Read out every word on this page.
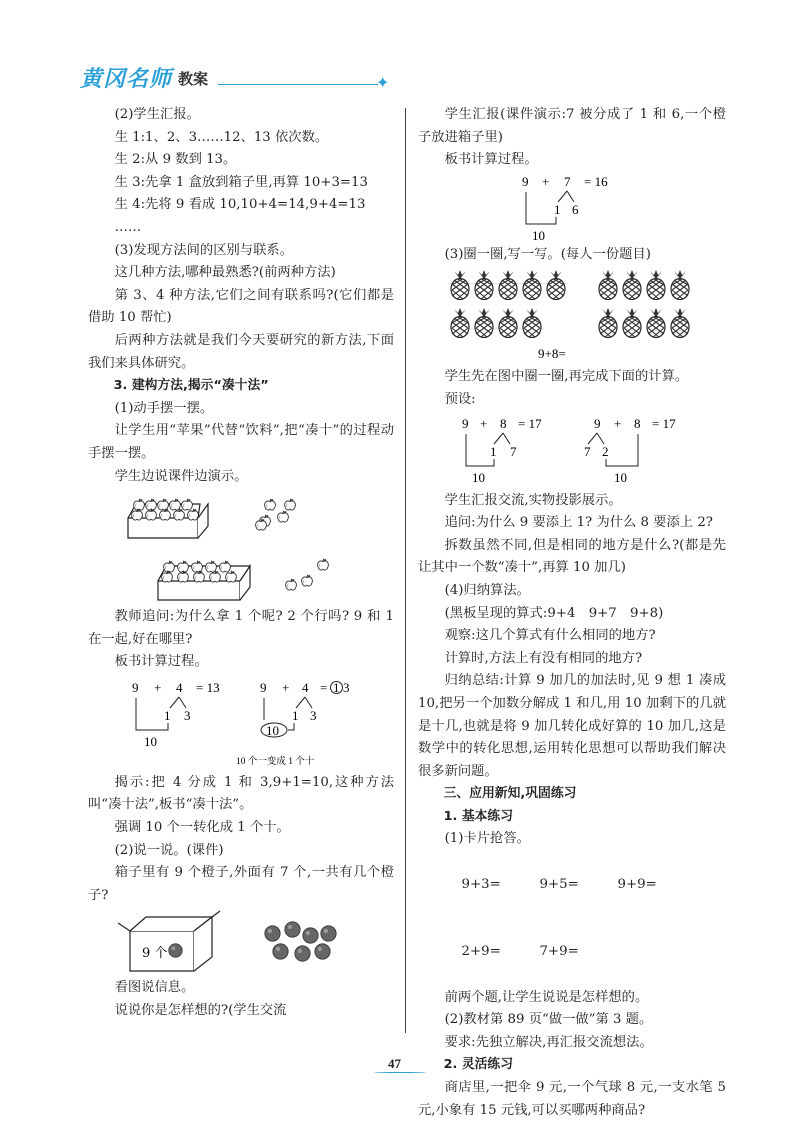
黄冈名师 教案	✦

(2)学生汇报。

生 1:1、2、3……12、13 依次数。

生 2:从 9 数到 13。

生 3:先拿 1 盒放到箱子里,再算 10+3=13

生 4:先将 9 看成 10,10+4=14,9+4=13

……

(3)发现方法间的区别与联系。

这几种方法,哪种最熟悉?(前两种方法)

第 3、4 种方法,它们之间有联系吗?(它们都是借助 10 帮忙)

后两种方法就是我们今天要研究的新方法,下面我们来具体研究。

3. 建构方法,揭示“凑十法”

(1)动手摆一摆。

让学生用“苹果”代替“饮料”,把“凑十”的过程动手摆一摆。

学生边说课件边演示。

教师追问:为什么拿 1 个呢? 2 个行吗? 9 和 1 在一起,好在哪里?

板书计算过程。

9 + 4 = 13
1 3
10
9 + 4 = 1 3
1 3
10
10 个一变成 1 个十

揭示:把 4 分成 1 和 3,9+1=10,这种方法叫“凑十法”,板书“凑十法”。

强调 10 个一转化成 1 个十。

(2)说一说。(课件)

箱子里有 9 个橙子,外面有 7 个,一共有几个橙子?

9 个

看图说信息。

说说你是怎样想的?(学生交流

学生汇报(课件演示:7 被分成了 1 和 6,一个橙子放进箱子里)

板书计算过程。

9 + 7 = 16
1 6
10

(3)圈一圈,写一写。(每人一份题目)

9+8=

学生先在图中圈一圈,再完成下面的计算。

预设:

9 + 8 = 17
1 7
10
9 + 8 = 17
7 2
10

学生汇报交流,实物投影展示。

追问:为什么 9 要添上 1? 为什么 8 要添上 2?

拆数虽然不同,但是相同的地方是什么?(都是先让其中一个数“凑十”,再算 10 加几)

(4)归纳算法。

(黑板呈现的算式:9+4　9+7　9+8)

观察:这几个算式有什么相同的地方?

计算时,方法上有没有相同的地方?

归纳总结:计算 9 加几的加法时,见 9 想 1 凑成 10,把另一个加数分解成 1 和几,用 10 加剩下的几就是十几,也就是将 9 加几转化成好算的 10 加几,这是数学中的转化思想,运用转化思想可以帮助我们解决很多新问题。

三、应用新知,巩固练习

1. 基本练习

(1)卡片抢答。

9+3=	9+5=	9+9=

2+9=	7+9=

前两个题,让学生说说是怎样想的。

(2)教材第 89 页“做一做”第 3 题。

要求:先独立解决,再汇报交流想法。

2. 灵活练习

商店里,一把伞 9 元,一个气球 8 元,一支水笔 5 元,小象有 15 元钱,可以买哪两种商品?

47
